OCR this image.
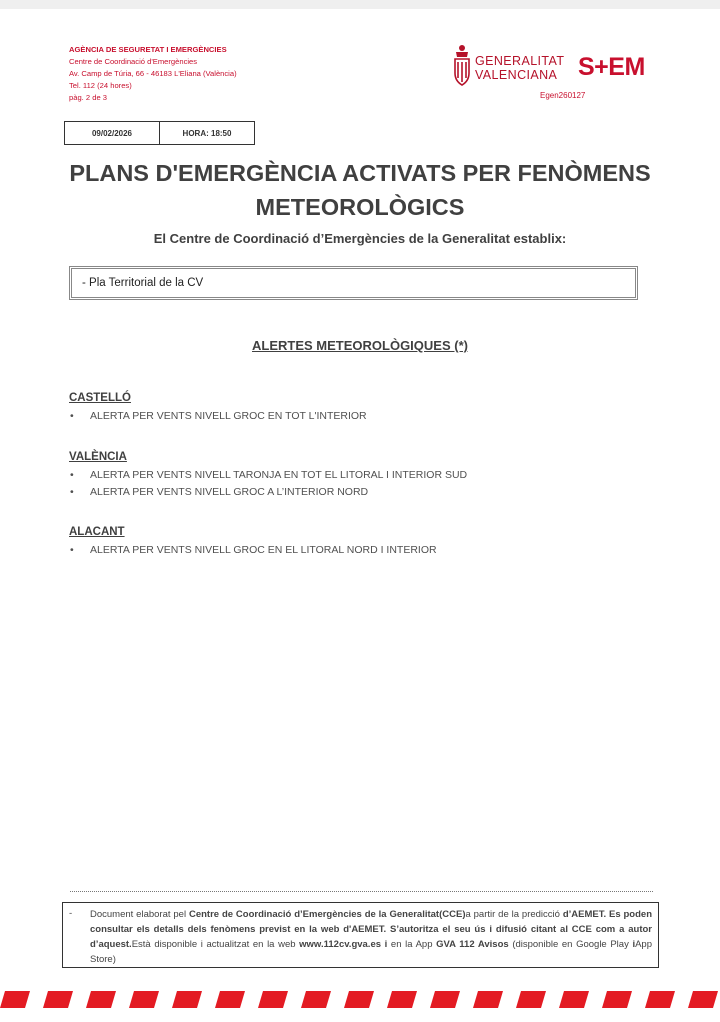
AGÈNCIA DE SEGURETAT I EMERGÈNCIES
Centre de Coordinació d'Emergències
Av. Camp de Túria, 66 - 46183 L'Eliana (València)
Tel. 112 (24 hores)
pàg. 2 de 3
GENERALITAT
VALENCIANA S+EM
Egen260127
09/02/2026	HORA: 18:50
PLANS D'EMERGÈNCIA ACTIVATS PER FENÒMENS METEOROLÒGICS
El Centre de Coordinació d’Emergències de la Generalitat establix:
- Pla Territorial de la CV
ALERTES METEOROLÒGIQUES (*)
CASTELLÓ
• ALERTA PER VENTS NIVELL GROC EN TOT L'INTERIOR
VALÈNCIA
• ALERTA PER VENTS NIVELL TARONJA EN TOT EL LITORAL I INTERIOR SUD
• ALERTA PER VENTS NIVELL GROC A L’INTERIOR NORD
ALACANT
• ALERTA PER VENTS NIVELL GROC EN EL LITORAL NORD I INTERIOR
- Document elaborat pel Centre de Coordinació d’Emergències de la Generalitat(CCE)a partir de la predicció d’AEMET. Es poden consultar els detalls dels fenòmens previst en la web d'AEMET. S’autoritza el seu ús i difusió citant al CCE com a autor d’aquest.Està disponible i actualitzat en la web www.112cv.gva.es i en la App GVA 112 Avisos (disponible en Google Play iApp Store)
